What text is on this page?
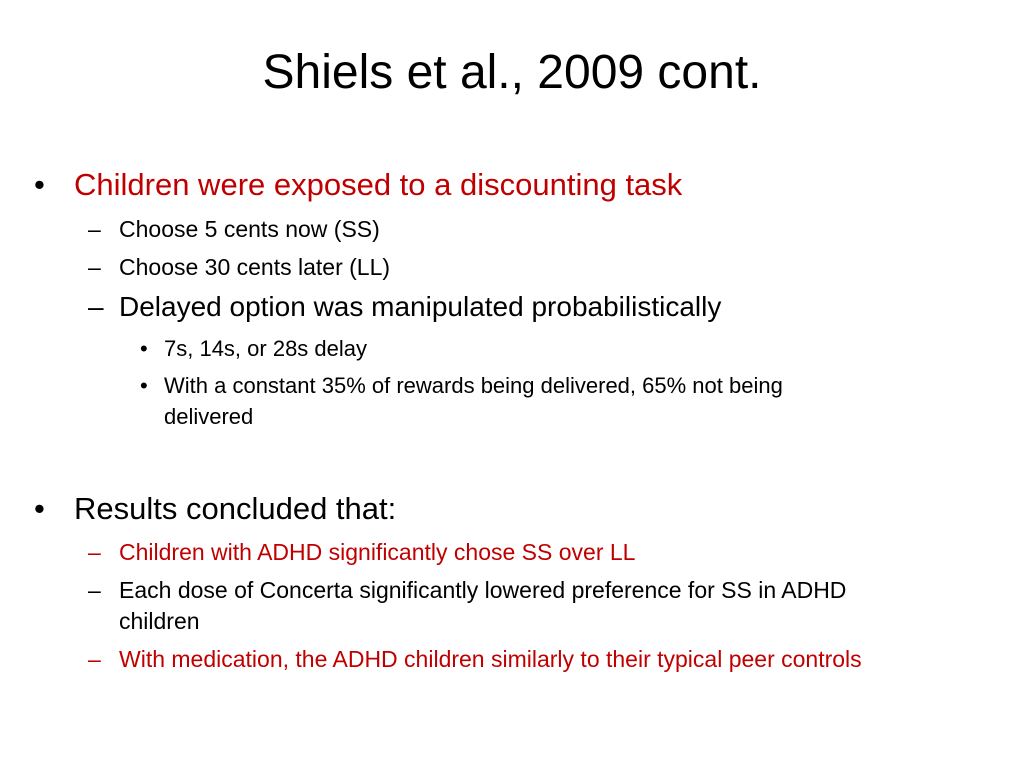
Shiels et al., 2009 cont.
• Children were exposed to a discounting task
– Choose 5 cents now (SS)
– Choose 30 cents later (LL)
– Delayed option was manipulated probabilistically
• 7s, 14s, or 28s delay
• With a constant 35% of rewards being delivered, 65% not being
delivered
• Results concluded that:
– Children with ADHD significantly chose SS over LL
– Each dose of Concerta significantly lowered preference for SS in ADHD
children
– With medication, the ADHD children similarly to their typical peer controls
